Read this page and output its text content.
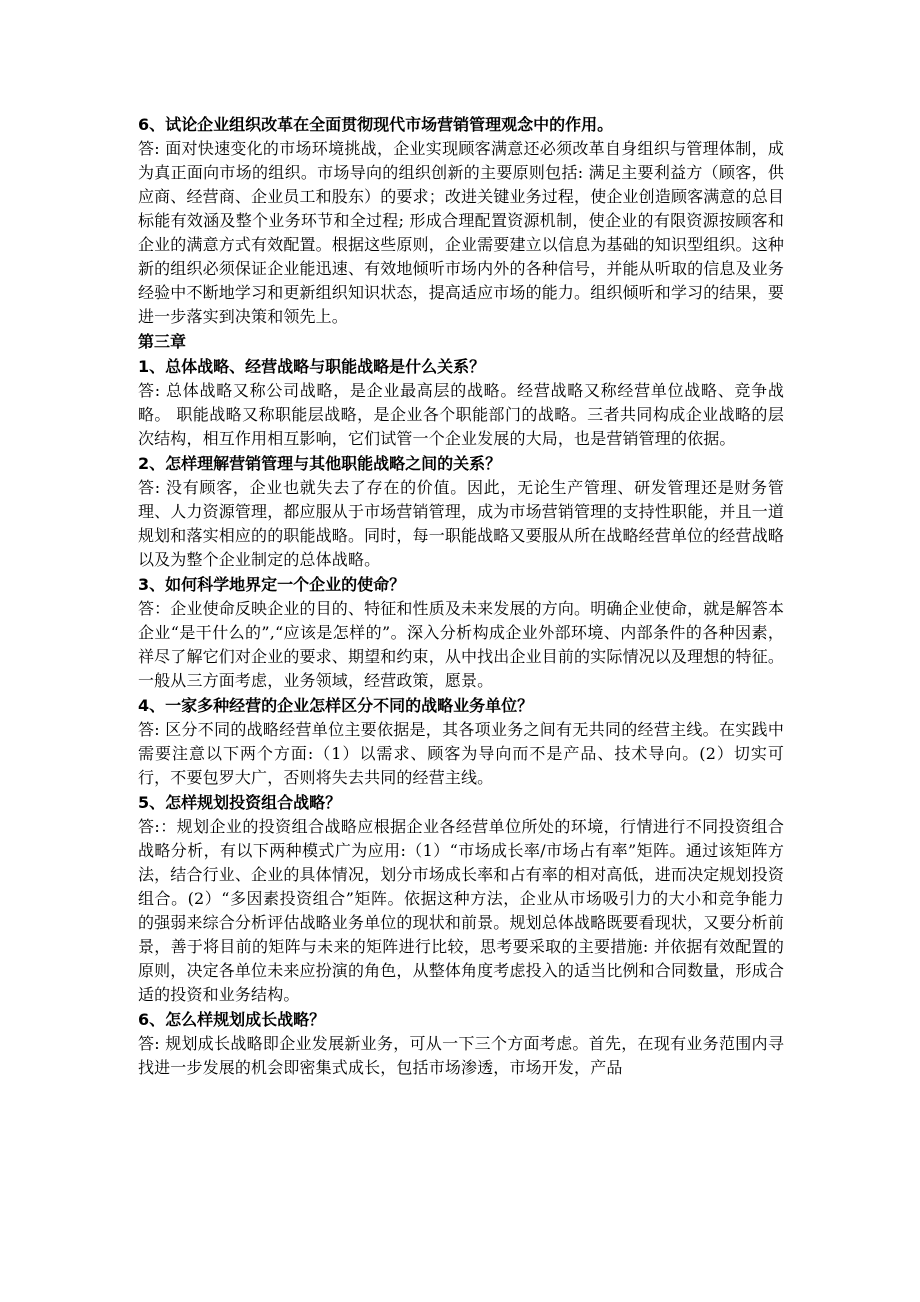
6、试论企业组织改革在全面贯彻现代市场营销管理观念中的作用。

答: 面对快速变化的市场环境挑战，企业实现顾客满意还必须改革自身组织与管理体制，成为真正面向市场的组织。市场导向的组织创新的主要原则包括: 满足主要利益方（顾客，供应商、经营商、企业员工和股东）的要求；改进关键业务过程，使企业创造顾客满意的总目标能有效涵及整个业务环节和全过程; 形成合理配置资源机制，使企业的有限资源按顾客和企业的满意方式有效配置。根据这些原则，企业需要建立以信息为基础的知识型组织。这种新的组织必须保证企业能迅速、有效地倾听市场内外的各种信号，并能从听取的信息及业务经验中不断地学习和更新组织知识状态，提高适应市场的能力。组织倾听和学习的结果，要进一步落实到决策和领先上。

第三章

1、总体战略、经营战略与职能战略是什么关系？

答: 总体战略又称公司战略，是企业最高层的战略。经营战略又称经营单位战略、竞争战略。 职能战略又称职能层战略，是企业各个职能部门的战略。三者共同构成企业战略的层次结构，相互作用相互影响，它们试管一个企业发展的大局，也是营销管理的依据。

2、怎样理解营销管理与其他职能战略之间的关系？

答: 没有顾客，企业也就失去了存在的价值。因此，无论生产管理、研发管理还是财务管理、人力资源管理，都应服从于市场营销管理，成为市场营销管理的支持性职能，并且一道规划和落实相应的的职能战略。同时，每一职能战略又要服从所在战略经营单位的经营战略以及为整个企业制定的总体战略。

3、如何科学地界定一个企业的使命？

答：企业使命反映企业的目的、特征和性质及未来发展的方向。明确企业使命，就是解答本企业“是干什么的”,“应该是怎样的”。深入分析构成企业外部环境、内部条件的各种因素，祥尽了解它们对企业的要求、期望和约束，从中找出企业目前的实际情况以及理想的特征。一般从三方面考虑，业务领域，经营政策，愿景。

4、一家多种经营的企业怎样区分不同的战略业务单位？

答: 区分不同的战略经营单位主要依据是，其各项业务之间有无共同的经营主线。在实践中需要注意以下两个方面:（1）以需求、顾客为导向而不是产品、技术导向。(2）切实可行，不要包罗大广，否则将失去共同的经营主线。

5、怎样规划投资组合战略？

答:：规划企业的投资组合战略应根据企业各经营单位所处的环境，行情进行不同投资组合战略分析，有以下两种模式广为应用:（1）“市场成长率/市场占有率”矩阵。通过该矩阵方法，结合行业、企业的具体情况，划分市场成长率和占有率的相对高低，进而决定规划投资组合。(2）“多因素投资组合”矩阵。依据这种方法，企业从市场吸引力的大小和竞争能力的强弱来综合分析评估战略业务单位的现状和前景。规划总体战略既要看现状，又要分析前景，善于将目前的矩阵与未来的矩阵进行比较，思考要采取的主要措施: 并依据有效配置的原则，决定各单位未来应扮演的角色，从整体角度考虑投入的适当比例和合同数量，形成合适的投资和业务结构。

6、怎么样规划成长战略？

答: 规划成长战略即企业发展新业务，可从一下三个方面考虑。首先，在现有业务范围内寻找进一步发展的机会即密集式成长，包括市场渗透，市场开发，产品
